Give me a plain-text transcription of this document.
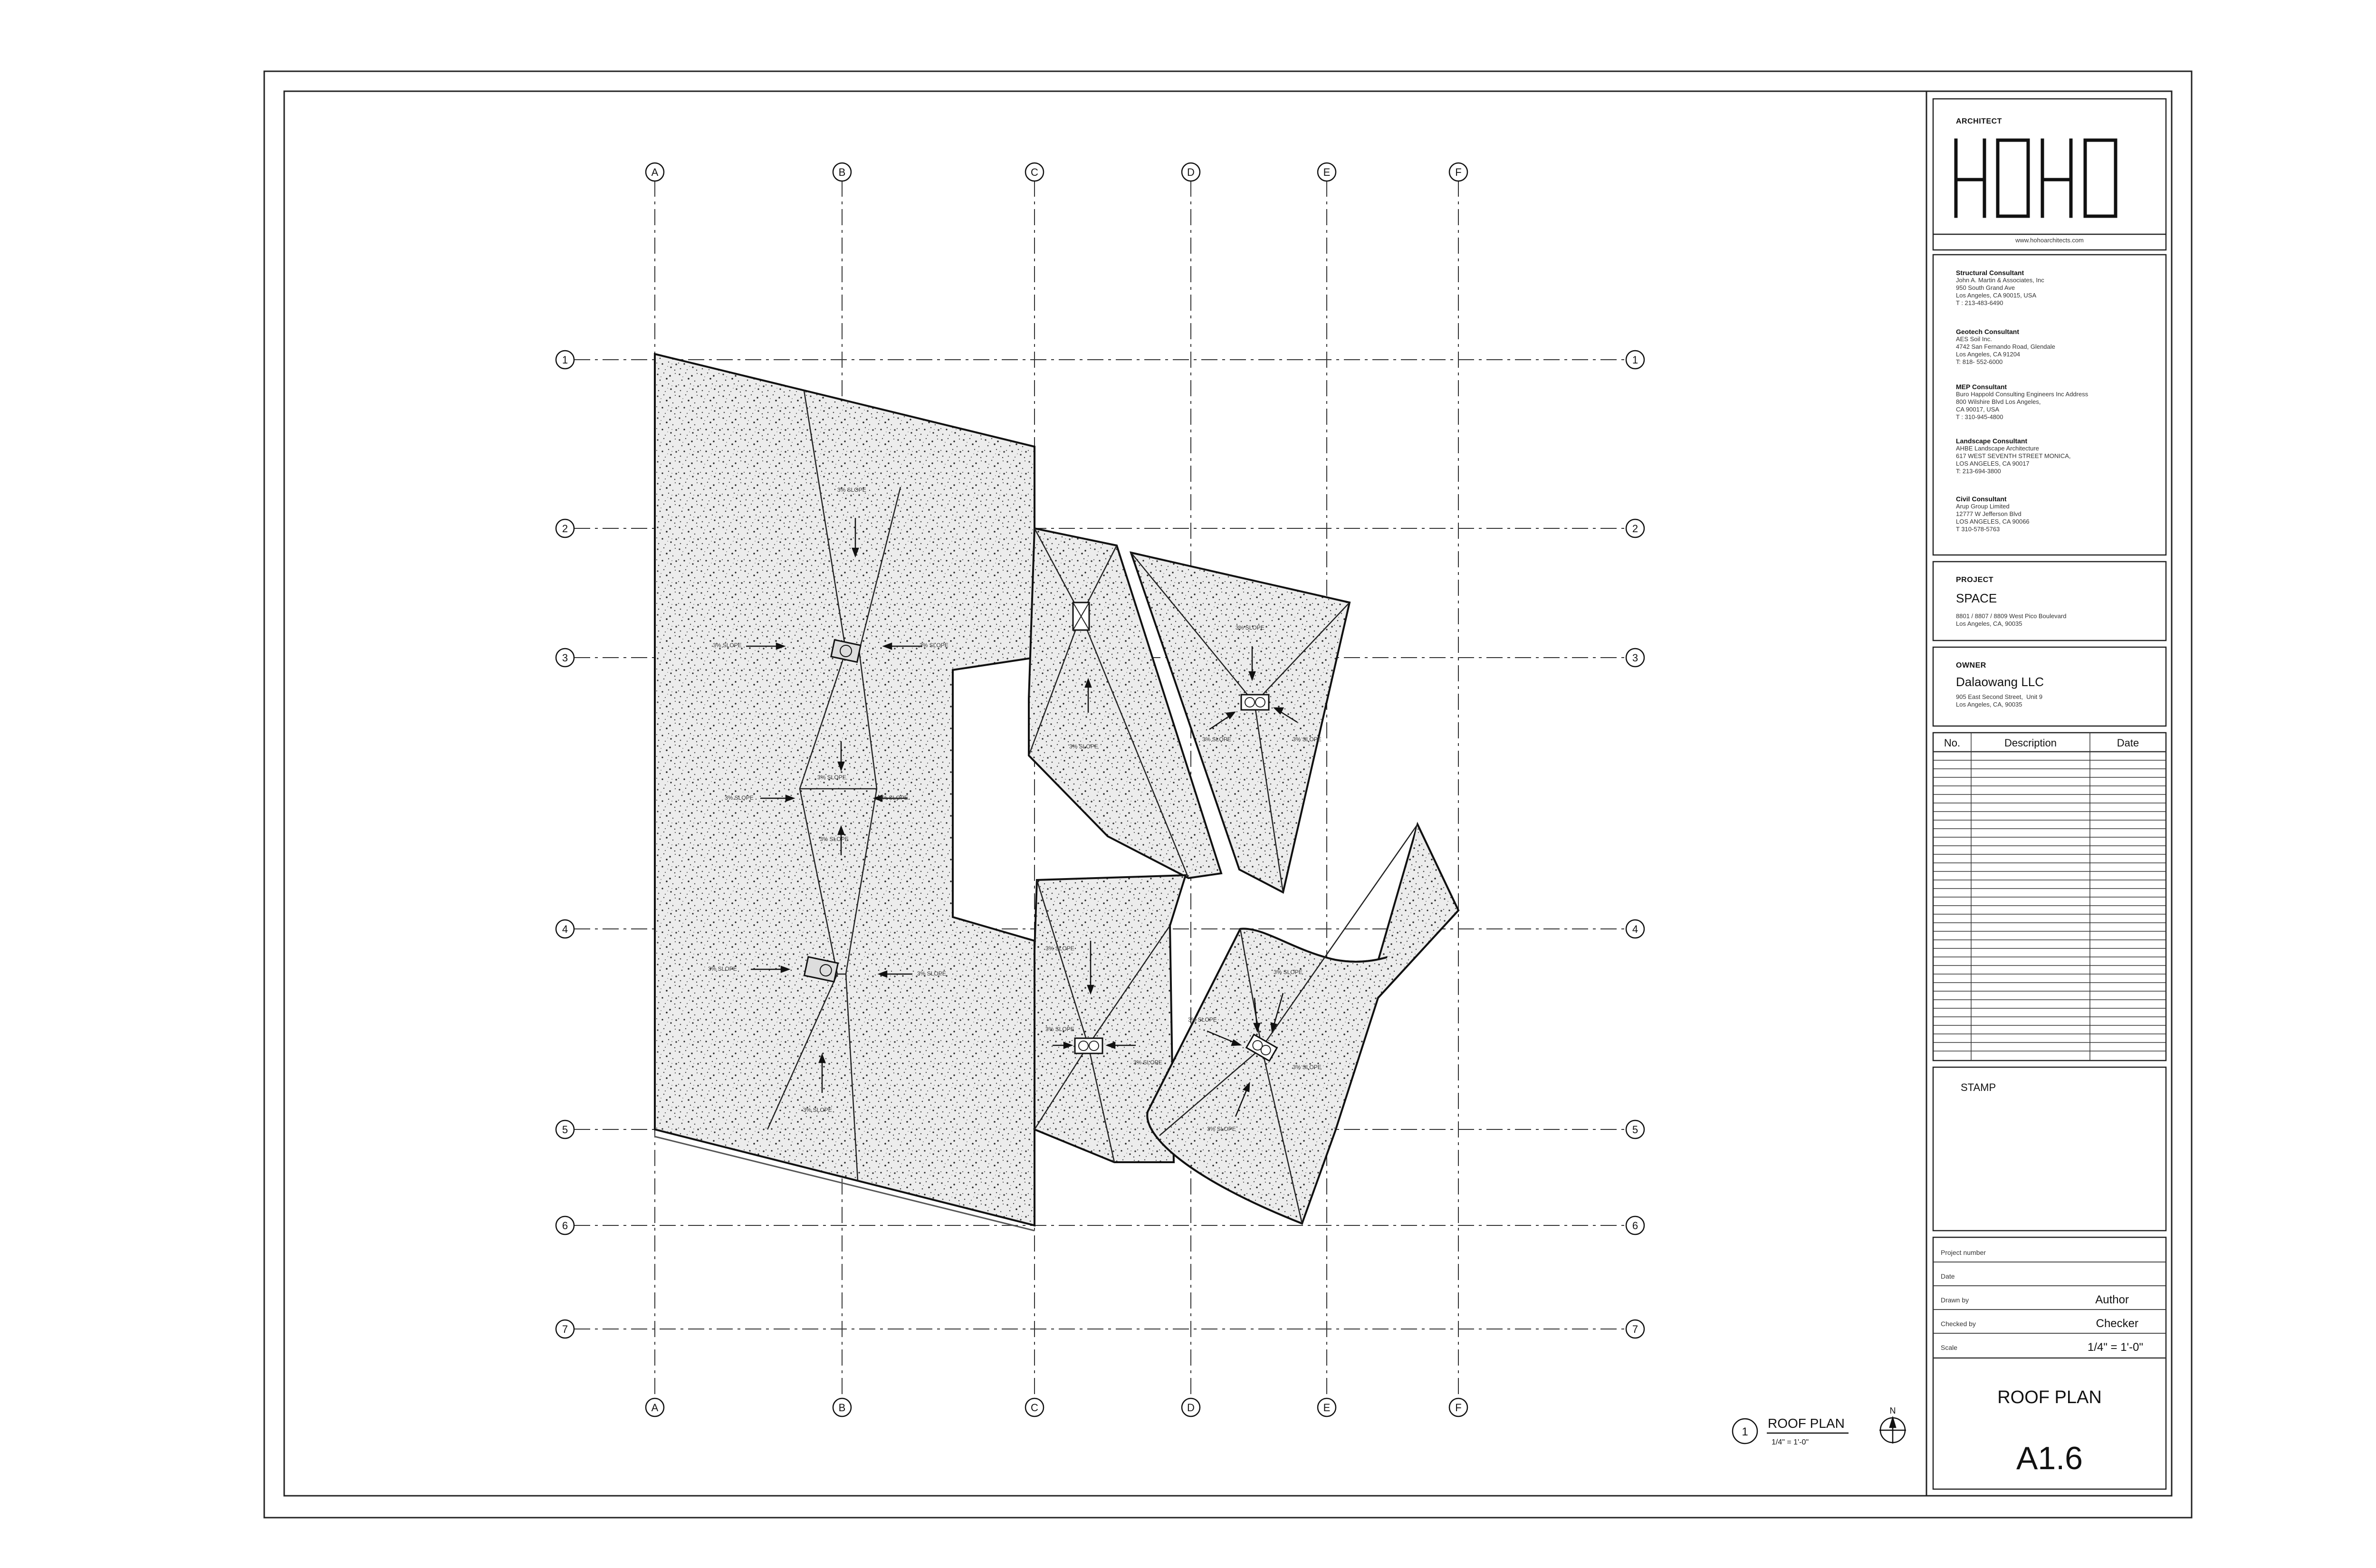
3% SLOPE
3% SLOPE	3% SLOPE
3% SLOPE	3% SLOPE
3% SLOPE
3% SLOPE
3% SLOPE
3% SLOPE
3% SLOPE
3% SLOPE
3% SLOPE
3% SLOPE	3% SLOPE
3% SLOPE
3% SLOPE
3% SLOPE
3% SLOPE
3% SLOPE
3% SLOPE
3% SLOPE
A	B	C	D	E	F
A	B	C	D	E	F
1
2
3
4
5
6
7
1
2
3
4
5
6
7
1
ROOF PLAN
1/4" = 1'-0"
N
ARCHITECT
www.hohoarchitects.com
Structural Consultant
John A. Martin & Associates, Inc
950 South Grand Ave
Los Angeles, CA 90015, USA
T : 213-483-6490
Geotech Consultant
AES Soil Inc.
4742 San Fernando Road, Glendale
Los Angeles, CA 91204
T: 818- 552-6000
MEP Consultant
Buro Happold Consulting Engineers Inc Address
800 Wilshire Blvd Los Angeles,
CA 90017, USA
T : 310-945-4800
Landscape Consultant
AHBE Landscape Architecture
617 WEST SEVENTH STREET MONICA,
LOS ANGELES, CA 90017
T: 213-694-3800
Civil Consultant
Arup Group Limited
12777 W Jefferson Blvd
LOS ANGELES, CA 90066
T 310-578-5763
PROJECT
SPACE
8801 / 8807 / 8809 West Pico Boulevard
Los Angeles, CA, 90035
OWNER
Dalaowang LLC
905 East Second Street,  Unit 9
Los Angeles, CA, 90035
No.	Description	Date
STAMP
Project number
Date
Drawn by	Author
Checked by	Checker
Scale	1/4" = 1'-0"
ROOF PLAN
A1.6
